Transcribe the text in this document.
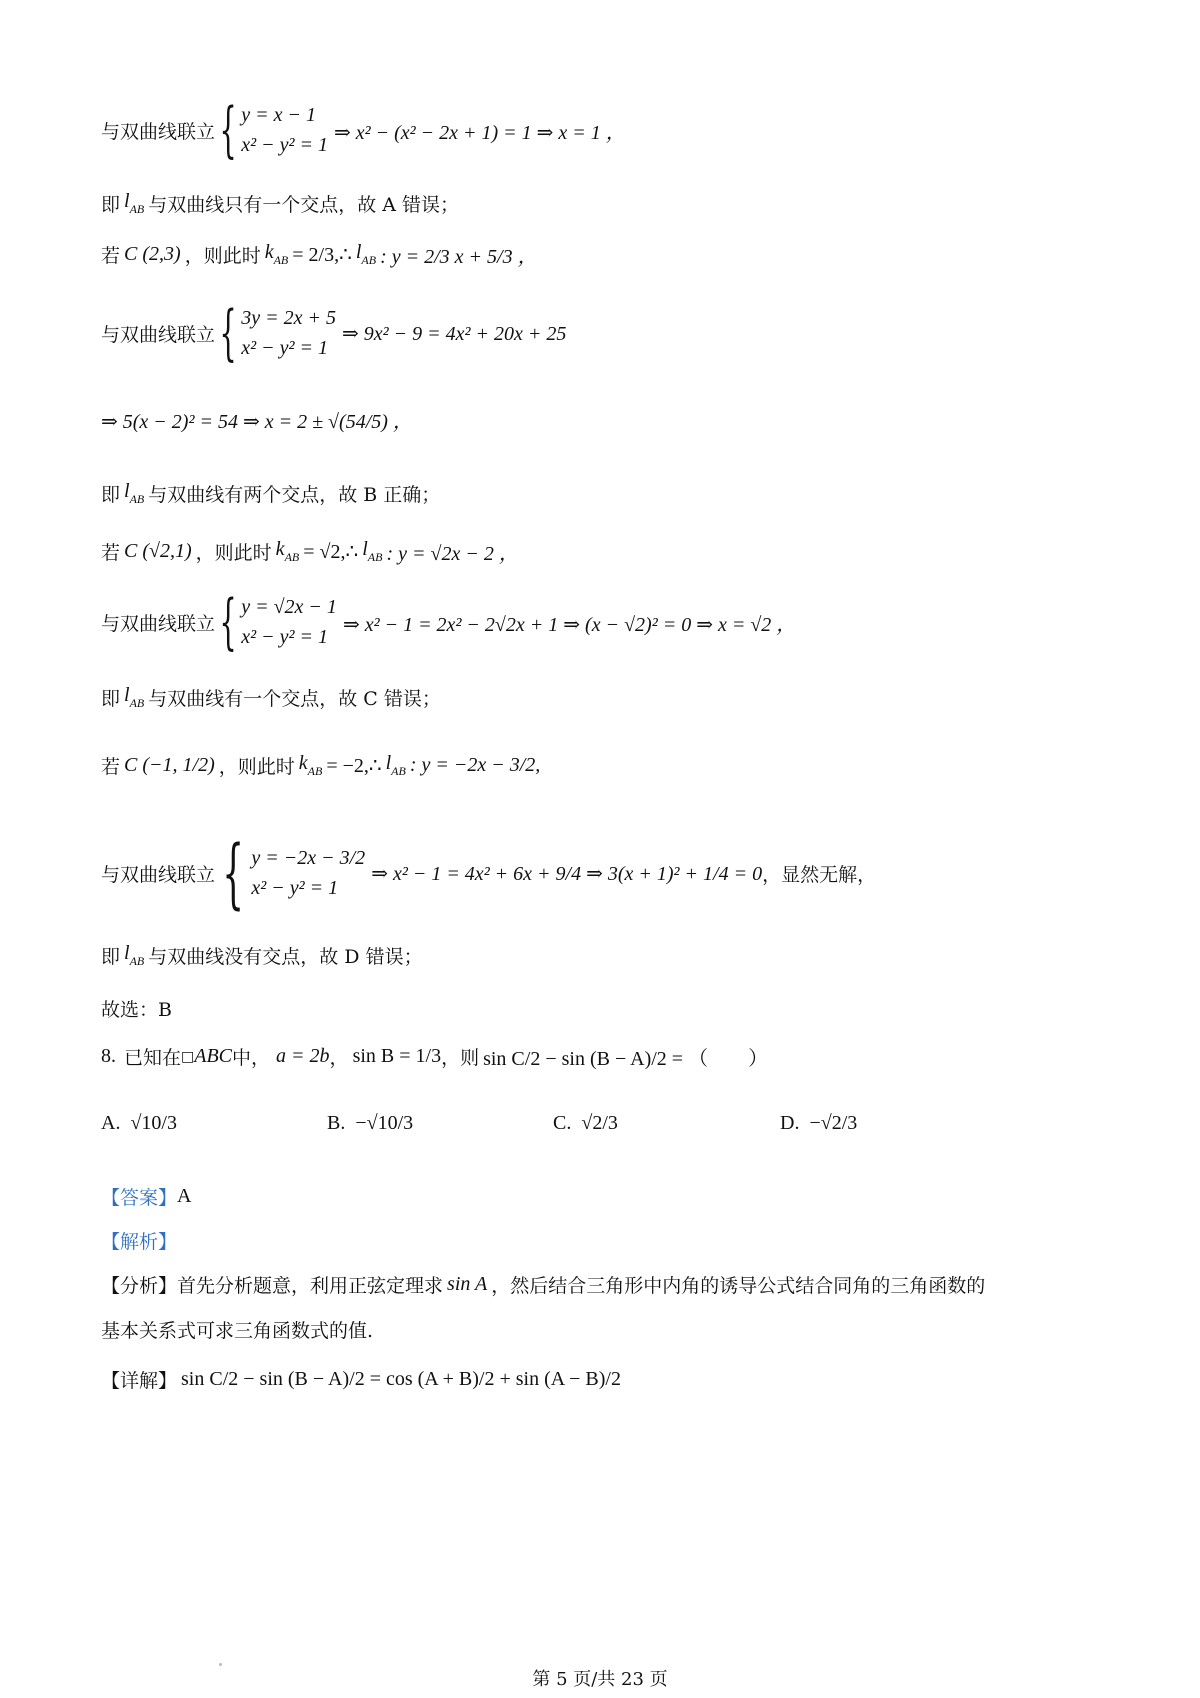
与双曲线联立 { y = x − 1
x² − y² = 1
⇒ x² − (x² − 2x + 1) = 1 ⇒ x = 1 ，
即 $l_{AB}$ 与双曲线只有一个交点，故 A 错误；
若 C (2,3) ，则此时 $k_{AB}$ = 2/3,∴ $l_{AB}$ : y = 2/3 x + 5/3 ，
与双曲线联立 { 3y = 2x + 5
x² − y² = 1
⇒ 9x² − 9 = 4x² + 20x + 25
⇒ 5(x − 2)² = 54 ⇒ x = 2 ± √(54/5) ，
即 $l_{AB}$ 与双曲线有两个交点，故 B 正确；
若 C (√2,1) ，则此时 $k_{AB}$ = √2,∴ $l_{AB}$ : y = √2x − 2 ，
与双曲线联立 { y = √2x − 1
x² − y² = 1
⇒ x² − 1 = 2x² − 2√2x + 1 ⇒ (x − √2)² = 0 ⇒ x = √2 ，
即 $l_{AB}$ 与双曲线有一个交点，故 C 错误；
若 C (−1, 1/2) ，则此时 $k_{AB}$ = −2,∴ $l_{AB}$ : y = −2x − 3/2,
与双曲线联立 { y = −2x − 3/2
x² − y² = 1
⇒ x² − 1 = 4x² + 6x + 9/4 ⇒ 3(x + 1)² + 1/4 = 0 ，显然无解，
即 $l_{AB}$ 与双曲线没有交点，故 D 错误；
故选：B
8. 已知在 □ ABC 中， a = 2b ， sin B = 1/3 ，则 sin C/2 − sin (B − A)/2 = （　　）
A. √10/3	B. −√10/3	C. √2/3	D. −√2/3
【答案】 A
【解析】
【分析】 首先分析题意，利用正弦定理求 sin A ，然后结合三角形中内角的诱导公式结合同角的三角函数的
基本关系式可求三角函数式的值.
【详解】 sin C/2 − sin (B − A)/2 = cos (A + B)/2 + sin (A − B)/2
第 5 页/共 23 页
